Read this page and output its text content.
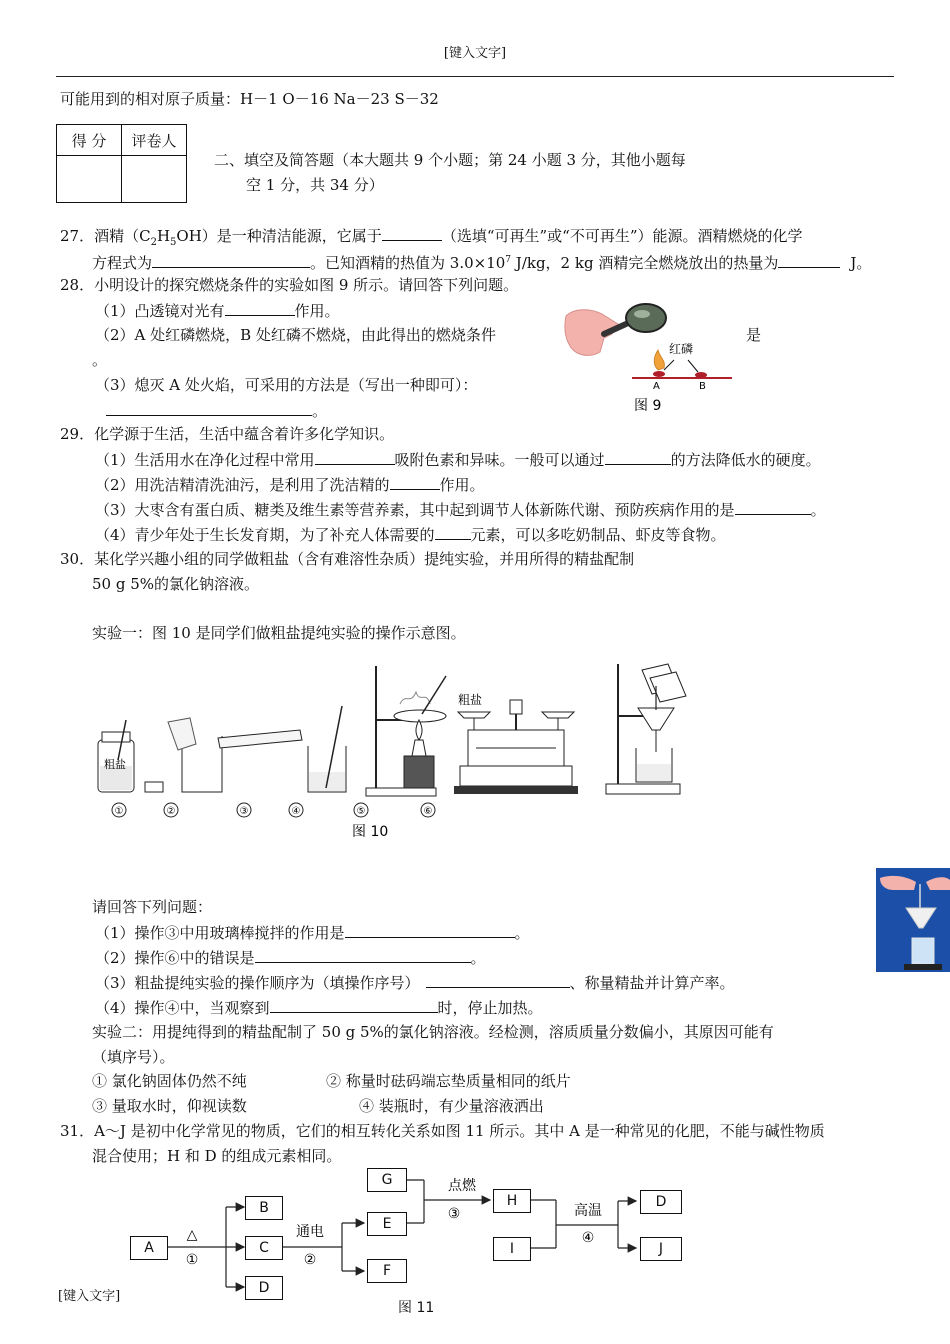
[键入文字]
可能用到的相对原子质量：H－1 O－16 Na－23 S－32
得 分	评卷人

二、填空及简答题（本大题共 9 个小题；第 24 小题 3 分，其他小题每
空 1 分，共 34 分）
27．酒精$(C_2H_5OH)$是一种清洁能源，它属于	（选填“可再生”或“不可再生”）能源。酒精燃烧的化学
方程式为	。已知酒精的热值为 $3.0\times 10^7$ J/kg，2 kg 酒精完全燃烧放出的热量为	J。
28．小明设计的探究燃烧条件的实验如图 9 所示。请回答下列问题。
（1）凸透镜对光有	作用。
（2）A 处红磷燃烧，B 处红磷不燃烧，由此得出的燃烧条件	是
。
（3）熄灭 A 处火焰，可采用的方法是（写出一种即可）：
。
红磷
A	B
图 9
29．化学源于生活，生活中蕴含着许多化学知识。
（1）生活用水在净化过程中常用	吸附色素和异味。一般可以通过	的方法降低水的硬度。
（2）用洗洁精清洗油污，是利用了洗洁精的	作用。
（3）大枣含有蛋白质、糖类及维生素等营养素，其中起到调节人体新陈代谢、预防疾病作用的是	。
（4）青少年处于生长发育期，为了补充人体需要的 元素，可以多吃奶制品、虾皮等食物。
30．某化学兴趣小组的同学做粗盐（含有难溶性杂质）提纯实验，并用所得的精盐配制
50 g 5%的氯化钠溶液。
实验一：图 10 是同学们做粗盐提纯实验的操作示意图。
粗盐
粗盐
①	②	③	④	⑤	⑥
图 10
请回答下列问题：
（1）操作③中用玻璃棒搅拌的作用是	。
（2）操作⑥中的错误是	。
（3）粗盐提纯实验的操作顺序为（填操作序号）	、称量精盐并计算产率。
（4）操作④中，当观察到	时，停止加热。
实验二：用提纯得到的精盐配制了 50 g 5%的氯化钠溶液。经检测，溶质质量分数偏小，其原因可能有
（填序号）。
① 氯化钠固体仍然不纯	② 称量时砝码端忘垫质量相同的纸片
③ 量取水时，仰视读数	④ 装瓶时，有少量溶液洒出
31．A～J 是初中化学常见的物质，它们的相互转化关系如图 11 所示。其中 A 是一种常见的化肥，不能与碱性物质
混合使用；H 和 D 的组成元素相同。
△
①
通电
②
点燃
③	高温
④
A
B
C
D
G
E
F
H
I
D
J
图 11
[键入文字]
